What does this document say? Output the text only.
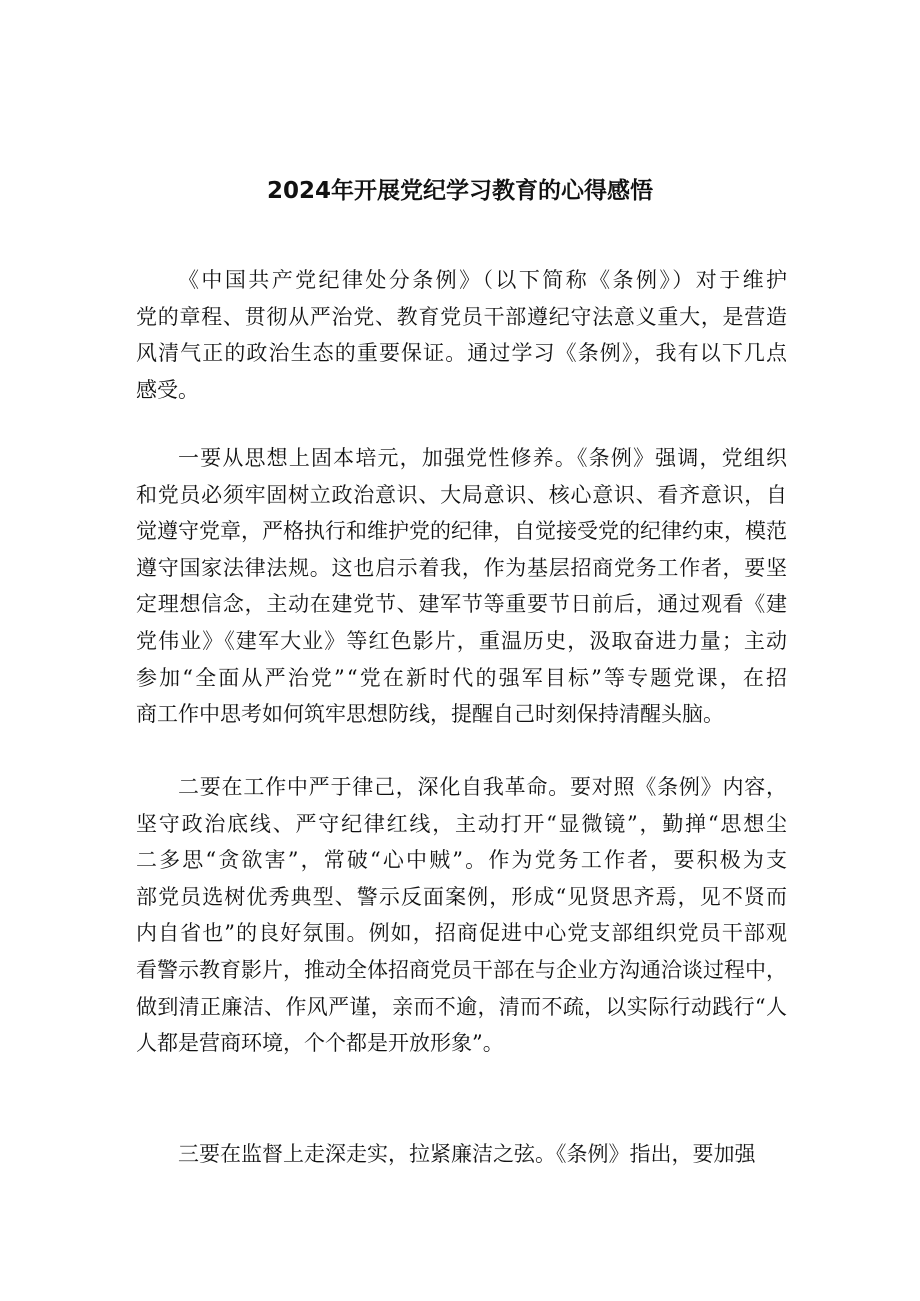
2024年开展党纪学习教育的心得感悟
《中国共产党纪律处分条例》（以下简称《条例》）对于维护
党的章程、贯彻从严治党、教育党员干部遵纪守法意义重大，是营造
风清气正的政治生态的重要保证。通过学习《条例》，我有以下几点
感受。
一要从思想上固本培元，加强党性修养。《条例》强调，党组织
和党员必须牢固树立政治意识、大局意识、核心意识、看齐意识，自
觉遵守党章，严格执行和维护党的纪律，自觉接受党的纪律约束，模范
遵守国家法律法规。这也启示着我，作为基层招商党务工作者，要坚
定理想信念，主动在建党节、建军节等重要节日前后，通过观看《建
党伟业》《建军大业》等红色影片，重温历史，汲取奋进力量；主动
参加“全面从严治党”“党在新时代的强军目标”等专题党课，在招
商工作中思考如何筑牢思想防线，提醒自己时刻保持清醒头脑。
二要在工作中严于律己，深化自我革命。要对照《条例》内容，
坚守政治底线、严守纪律红线，主动打开“显微镜”，勤掸“思想尘
二多思“贪欲害”，常破“心中贼”。作为党务工作者，要积极为支
部党员选树优秀典型、警示反面案例，形成“见贤思齐焉，见不贤而
内自省也”的良好氛围。例如，招商促进中心党支部组织党员干部观
看警示教育影片，推动全体招商党员干部在与企业方沟通洽谈过程中，
做到清正廉洁、作风严谨，亲而不逾，清而不疏，以实际行动践行“人
人都是营商环境，个个都是开放形象”。
三要在监督上走深走实，拉紧廉洁之弦。《条例》指出，要加强
